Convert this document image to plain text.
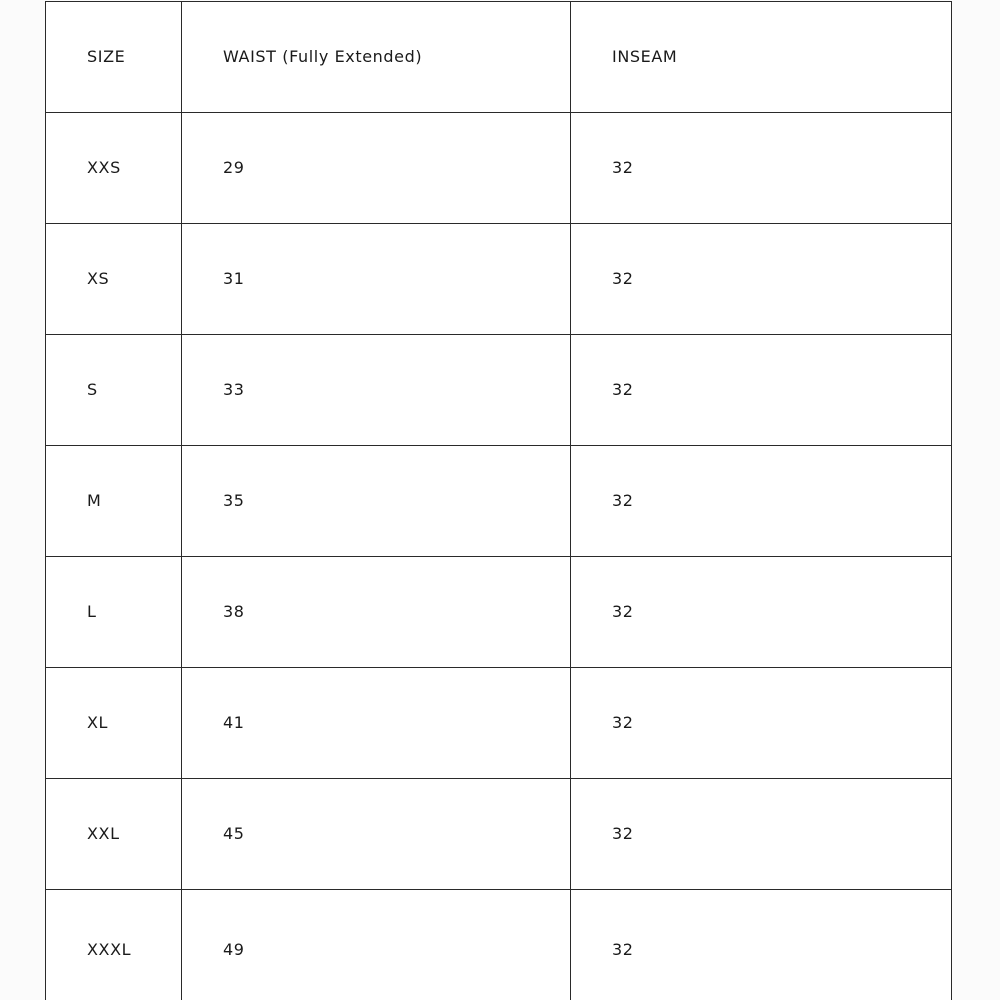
SIZE	WAIST (Fully Extended)	INSEAM

XXS	29	32

XS	31	32

S	33	32

M	35	32

L	38	32

XL	41	32

XXL	45	32

XXXL	49	32
